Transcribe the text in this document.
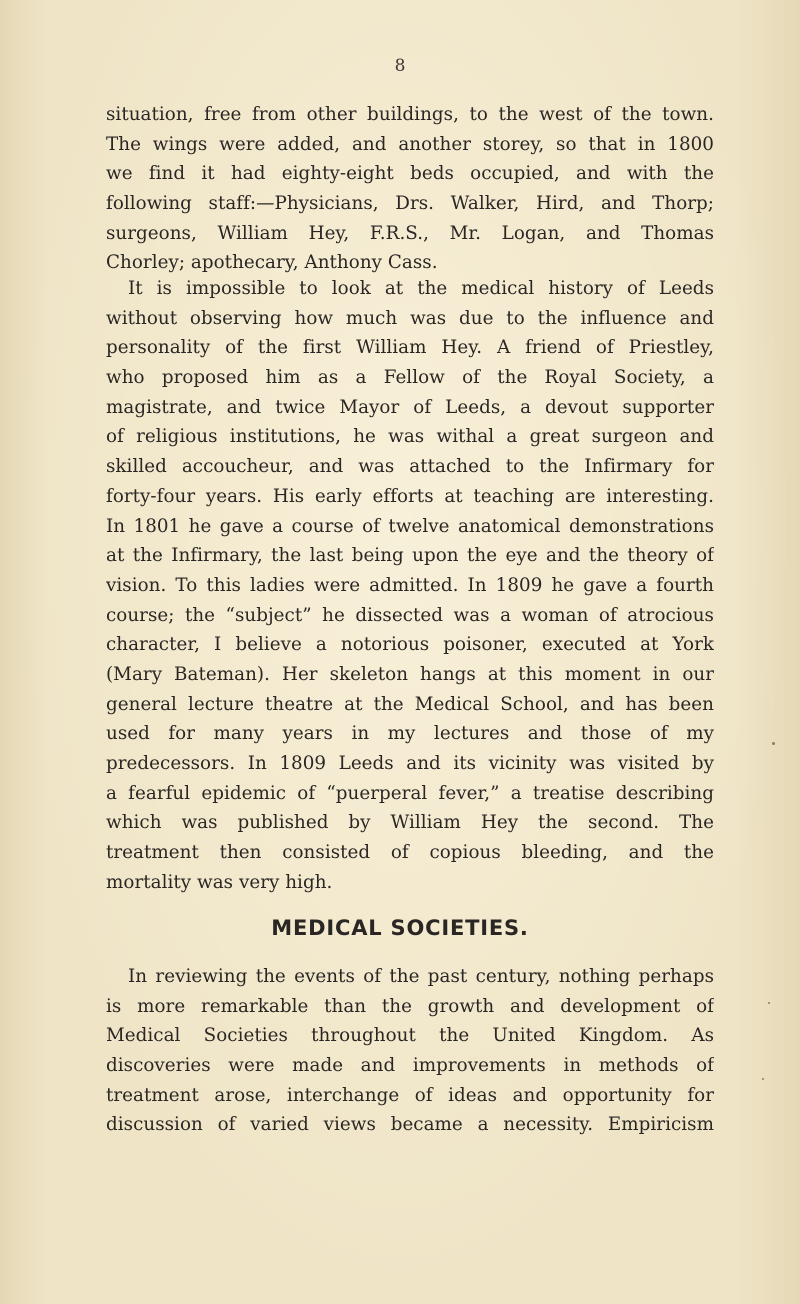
8
situation, free from other buildings, to the west of the town.
The wings were added, and another storey, so that in 1800
we find it had eighty-eight beds occupied, and with the
following staff:—Physicians, Drs. Walker, Hird, and Thorp;
surgeons, William Hey, F.R.S., Mr. Logan, and Thomas
Chorley; apothecary, Anthony Cass.
It is impossible to look at the medical history of Leeds
without observing how much was due to the influence and
personality of the first William Hey. A friend of Priestley,
who proposed him as a Fellow of the Royal Society, a
magistrate, and twice Mayor of Leeds, a devout supporter
of religious institutions, he was withal a great surgeon and
skilled accoucheur, and was attached to the Infirmary for
forty-four years. His early efforts at teaching are interesting.
In 1801 he gave a course of twelve anatomical demonstrations
at the Infirmary, the last being upon the eye and the theory of
vision. To this ladies were admitted. In 1809 he gave a fourth
course; the “subject” he dissected was a woman of atrocious
character, I believe a notorious poisoner, executed at York
(Mary Bateman). Her skeleton hangs at this moment in our
general lecture theatre at the Medical School, and has been
used for many years in my lectures and those of my
predecessors. In 1809 Leeds and its vicinity was visited by
a fearful epidemic of “puerperal fever,” a treatise describing
which was published by William Hey the second. The
treatment then consisted of copious bleeding, and the
mortality was very high.
MEDICAL SOCIETIES.
In reviewing the events of the past century, nothing perhaps
is more remarkable than the growth and development of
Medical Societies throughout the United Kingdom. As
discoveries were made and improvements in methods of
treatment arose, interchange of ideas and opportunity for
discussion of varied views became a necessity. Empiricism
